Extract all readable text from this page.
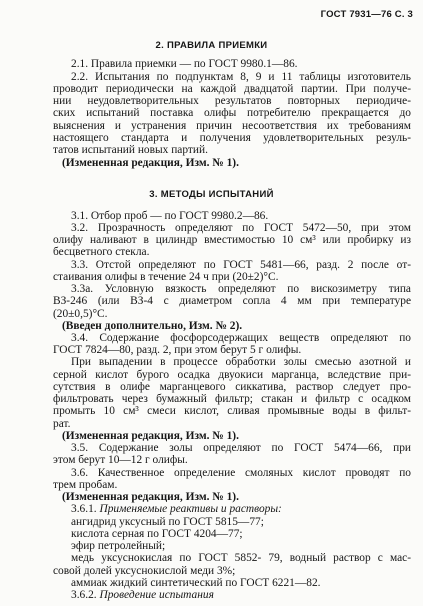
ГОСТ 7931—76 С. 3
2. ПРАВИЛА ПРИЕМКИ
2.1. Правила приемки — по ГОСТ 9980.1—86.
2.2. Испытания по подпунктам 8, 9 и 11 таблицы изготовитель
проводит периодически на каждой двадцатой партии. При получе-
нии неудовлетворительных результатов повторных периодиче-
ских испытаний поставка олифы потребителю прекращается до
выяснения и устранения причин несоответствия их требованиям
настоящего стандарта и получения удовлетворительных резуль-
татов испытаний новых партий.
(Измененная редакция, Изм. № 1).
3. МЕТОДЫ ИСПЫТАНИЙ
3.1. Отбор проб — по ГОСТ 9980.2—86.
3.2. Прозрачность определяют по ГОСТ 5472—50, при этом
олифу наливают в цилиндр вместимостью 10 см³ или пробирку из
бесцветного стекла.
3.3. Отстой определяют по ГОСТ 5481—66, разд. 2 после от-
стаивания олифы в течение 24 ч при (20±2)°С.
3.3а. Условную вязкость определяют по вискозиметру типа
ВЗ-246 (или ВЗ-4 с диаметром сопла 4 мм при температуре
(20±0,5)°С.
(Введен дополнительно, Изм. № 2).
3.4. Содержание фосфорсодержащих веществ определяют по
ГОСТ 7824—80, разд. 2, при этом берут 5 г олифы.
При выпадении в процессе обработки золы смесью азотной и
серной кислот бурого осадка двуокиси марганца, вследствие при-
сутствия в олифе марганцевого сиккатива, раствор следует про-
фильтровать через бумажный фильтр; стакан и фильтр с осадком
промыть 10 см³ смеси кислот, сливая промывные воды в фильт-
рат.
(Измененная редакция, Изм. № 1).
3.5. Содержание золы определяют по ГОСТ 5474—66, при
этом берут 10—12 г олифы.
3.6. Качественное определение смоляных кислот проводят по
трем пробам.
(Измененная редакция, Изм. № 1).
3.6.1. Применяемые реактивы и растворы:
ангидрид уксусный по ГОСТ 5815—77;
кислота серная по ГОСТ 4204—77;
эфир петролейный;
медь уксуснокислая по ГОСТ 5852- 79, водный раствор с мас-
совой долей уксуснокислой меди 3%;
аммиак жидкий синтетический по ГОСТ 6221—82.
3.6.2. Проведение испытания
